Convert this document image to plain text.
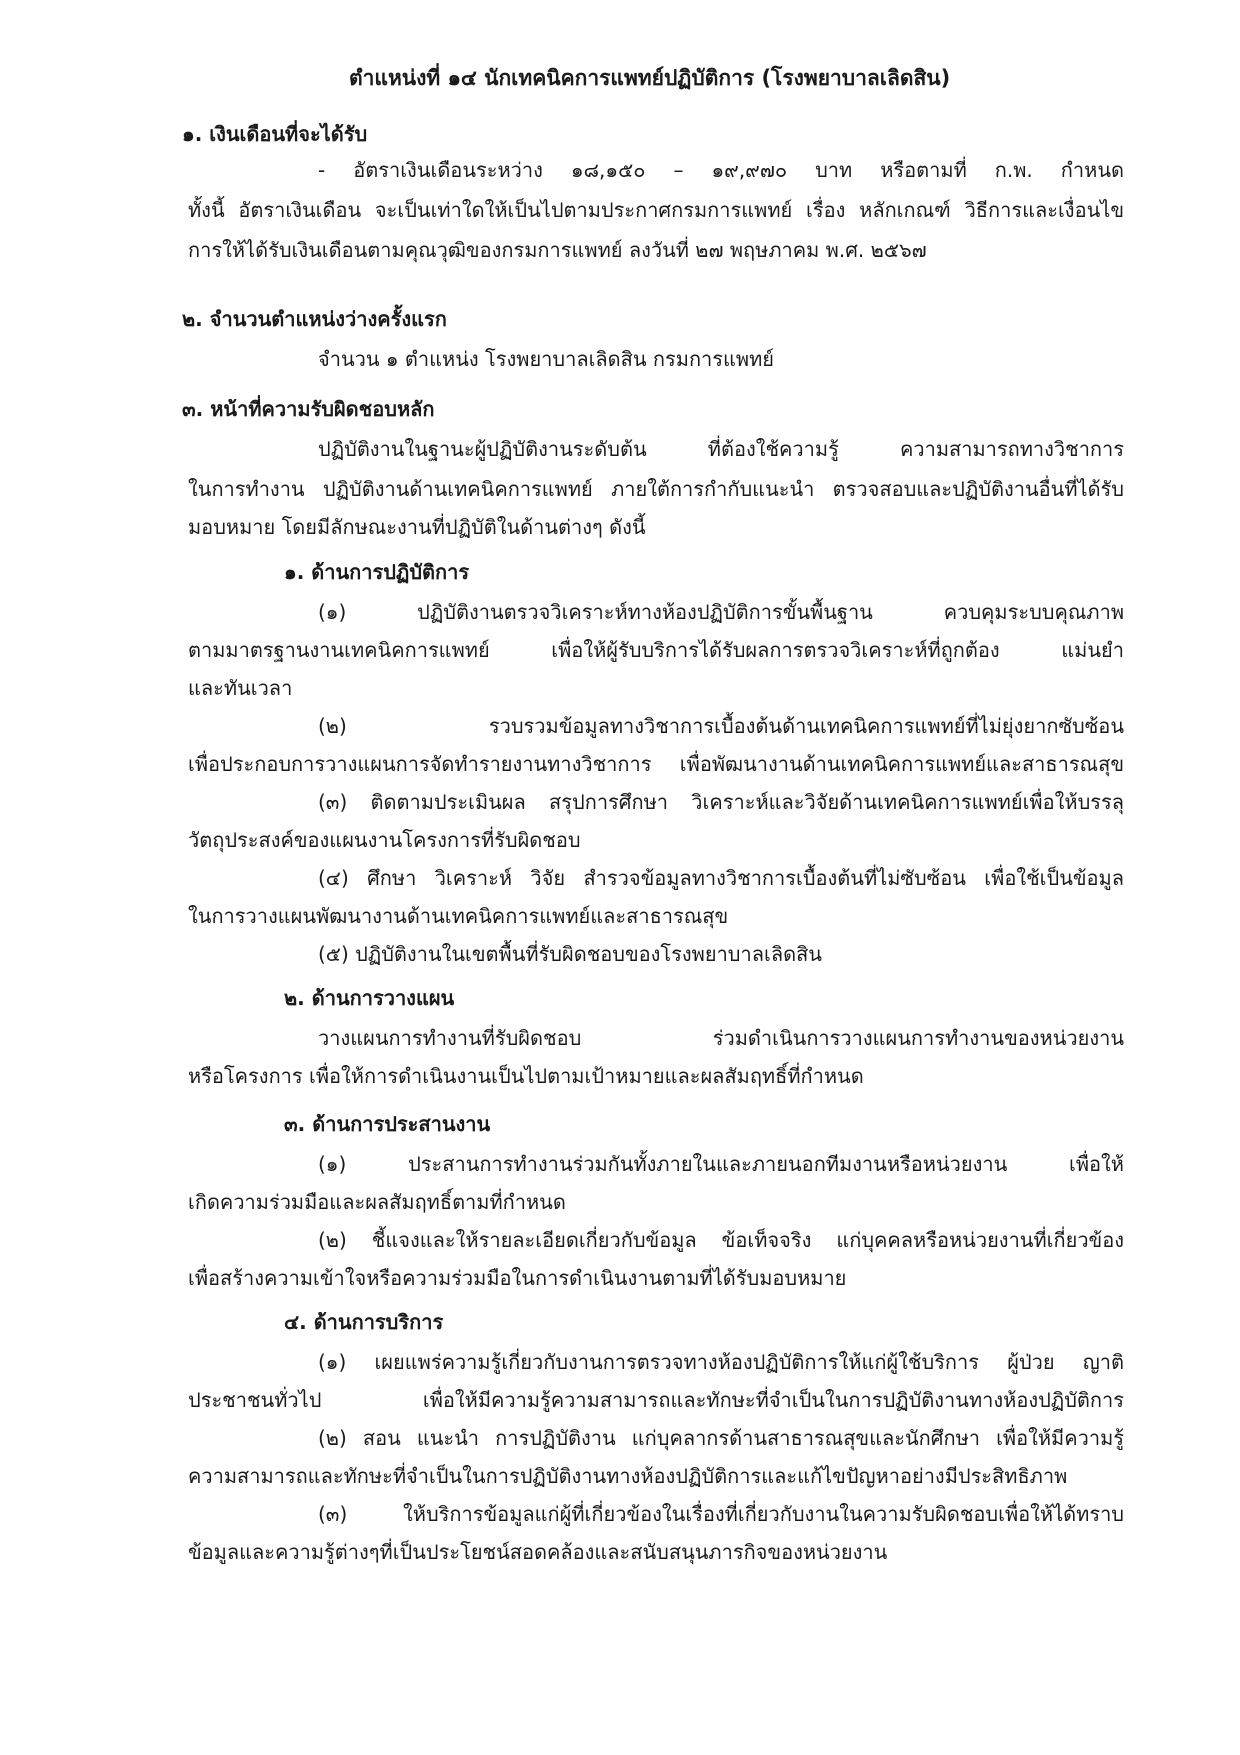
ตำแหน่งที่ ๑๔ นักเทคนิคการแพทย์ปฏิบัติการ (โรงพยาบาลเลิดสิน)
๑. เงินเดือนที่จะได้รับ
- อัตราเงินเดือนระหว่าง ๑๘,๑๕๐ – ๑๙,๙๗๐ บาท หรือตามที่ ก.พ. กำหนด
ทั้งนี้ อัตราเงินเดือน จะเป็นเท่าใดให้เป็นไปตามประกาศกรมการแพทย์ เรื่อง หลักเกณฑ์ วิธีการและเงื่อนไข
การให้ได้รับเงินเดือนตามคุณวุฒิของกรมการแพทย์ ลงวันที่ ๒๗ พฤษภาคม พ.ศ. ๒๕๖๗
๒. จำนวนตำแหน่งว่างครั้งแรก
จำนวน ๑ ตำแหน่ง โรงพยาบาลเลิดสิน กรมการแพทย์
๓. หน้าที่ความรับผิดชอบหลัก
ปฏิบัติงานในฐานะผู้ปฏิบัติงานระดับต้น ที่ต้องใช้ความรู้ ความสามารถทางวิชาการ
ในการทำงาน ปฏิบัติงานด้านเทคนิคการแพทย์ ภายใต้การกำกับแนะนำ ตรวจสอบและปฏิบัติงานอื่นที่ได้รับ
มอบหมาย โดยมีลักษณะงานที่ปฏิบัติในด้านต่างๆ ดังนี้
๑. ด้านการปฏิบัติการ
(๑) ปฏิบัติงานตรวจวิเคราะห์ทางห้องปฏิบัติการขั้นพื้นฐาน ควบคุมระบบคุณภาพ
ตามมาตรฐานงานเทคนิคการแพทย์ เพื่อให้ผู้รับบริการได้รับผลการตรวจวิเคราะห์ที่ถูกต้อง แม่นยำ
และทันเวลา
(๒) รวบรวมข้อมูลทางวิชาการเบื้องต้นด้านเทคนิคการแพทย์ที่ไม่ยุ่งยากซับซ้อน
เพื่อประกอบการวางแผนการจัดทำรายงานทางวิชาการ เพื่อพัฒนางานด้านเทคนิคการแพทย์และสาธารณสุข
(๓) ติดตามประเมินผล สรุปการศึกษา วิเคราะห์และวิจัยด้านเทคนิคการแพทย์เพื่อให้บรรลุ
วัตถุประสงค์ของแผนงานโครงการที่รับผิดชอบ
(๔) ศึกษา วิเคราะห์ วิจัย สำรวจข้อมูลทางวิชาการเบื้องต้นที่ไม่ซับซ้อน เพื่อใช้เป็นข้อมูล
ในการวางแผนพัฒนางานด้านเทคนิคการแพทย์และสาธารณสุข
(๕) ปฏิบัติงานในเขตพื้นที่รับผิดชอบของโรงพยาบาลเลิดสิน
๒. ด้านการวางแผน
วางแผนการทำงานที่รับผิดชอบ ร่วมดำเนินการวางแผนการทำงานของหน่วยงาน
หรือโครงการ เพื่อให้การดำเนินงานเป็นไปตามเป้าหมายและผลสัมฤทธิ์ที่กำหนด
๓. ด้านการประสานงาน
(๑) ประสานการทำงานร่วมกันทั้งภายในและภายนอกทีมงานหรือหน่วยงาน เพื่อให้
เกิดความร่วมมือและผลสัมฤทธิ์ตามที่กำหนด
(๒) ชี้แจงและให้รายละเอียดเกี่ยวกับข้อมูล ข้อเท็จจริง แก่บุคคลหรือหน่วยงานที่เกี่ยวข้อง
เพื่อสร้างความเข้าใจหรือความร่วมมือในการดำเนินงานตามที่ได้รับมอบหมาย
๔. ด้านการบริการ
(๑) เผยแพร่ความรู้เกี่ยวกับงานการตรวจทางห้องปฏิบัติการให้แก่ผู้ใช้บริการ ผู้ป่วย ญาติ
ประชาชนทั่วไป เพื่อให้มีความรู้ความสามารถและทักษะที่จำเป็นในการปฏิบัติงานทางห้องปฏิบัติการ
(๒) สอน แนะนำ การปฏิบัติงาน แก่บุคลากรด้านสาธารณสุขและนักศึกษา เพื่อให้มีความรู้
ความสามารถและทักษะที่จำเป็นในการปฏิบัติงานทางห้องปฏิบัติการและแก้ไขปัญหาอย่างมีประสิทธิภาพ
(๓) ให้บริการข้อมูลแก่ผู้ที่เกี่ยวข้องในเรื่องที่เกี่ยวกับงานในความรับผิดชอบเพื่อให้ได้ทราบ
ข้อมูลและความรู้ต่างๆที่เป็นประโยชน์สอดคล้องและสนับสนุนภารกิจของหน่วยงาน
